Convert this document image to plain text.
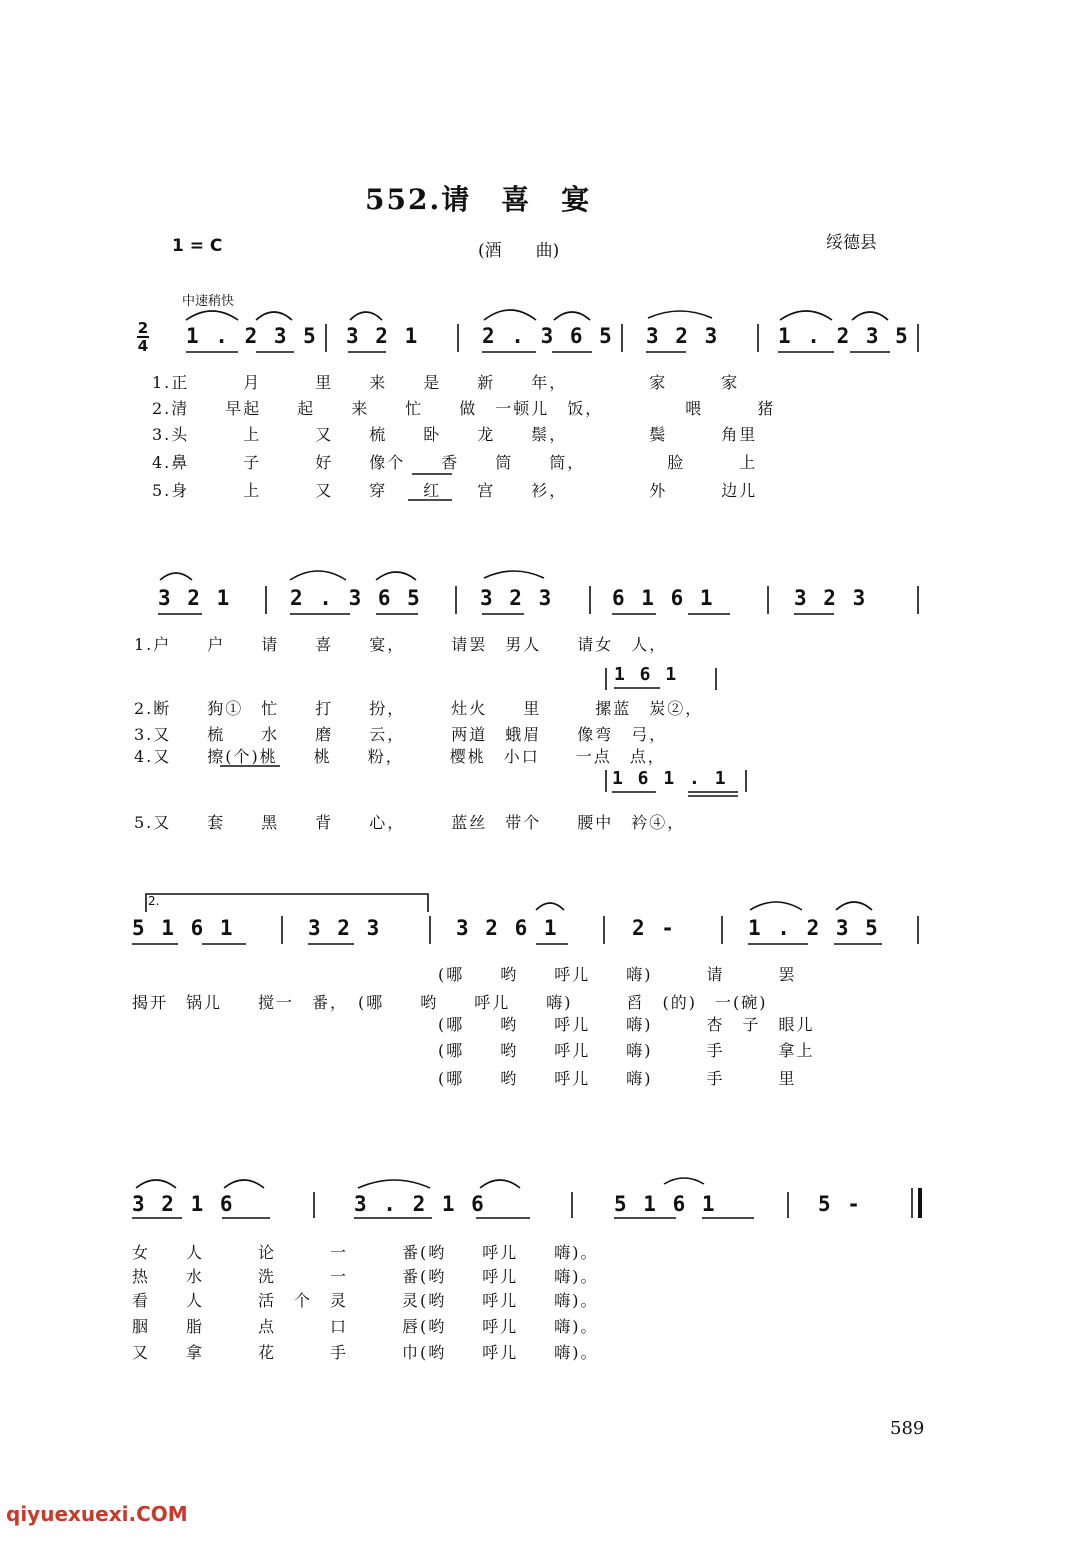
552.请　喜　宴
1 = C	(酒　　曲)	绥德县
中速稍快
2
4 1 . 2 3 5 3 2 1	2 . 3 6 5 3 2 3	1 . 2 3 5
1.正　　　月　　　里　　来　　是　　新　　年，　　　　　家　　　家
2.清　　早起　　起　　来　　忙　　做　一顿儿　饭，　　　　　喂　　　猪
3.头　　　上　　　又　　梳　　卧　　龙　　鬃，　　　　　鬓　　　角里
4.鼻　　　子　　　好　　像个　　香　　筒　　筒，　　　　　脸　　　上
5.身　　　上　　　又　　穿　　红　　宫　　衫，　　　　　外　　　边儿
3 2 1	2 . 3 6 5	3 2 3	6 1 6 1	3 2 3
1.户　　户　　请　　喜　　宴，　　　请罢　男人　　请女　人，
1 6 1
2.断　　狗①　忙　　打　　扮，　　　灶火　　里　　　摞蓝　炭②，
3.又　　梳　　水　　磨　　云，　　　两道　蛾眉　　像弯　弓，
4.又　　擦(个)桃　　桃　　粉，　　　樱桃　小口　　一点　点，
1 6 1 . 1
5.又　　套　　黑　　背　　心，　　　蓝丝　带个　　腰中　衿④，
2.
5 1 6 1	3 2 3	3 2 6 1	2 -	1 . 2 3 5
(哪　　哟　　呼儿　　嗨)　　　请　　　罢
揭开　锅儿　　搅一　番，　(哪　　哟　　呼儿　　嗨)　　　舀　(的)　一(碗)
(哪　　哟　　呼儿　　嗨)　　　杏　子　眼儿
(哪　　哟　　呼儿　　嗨)　　　手　　　拿上
(哪　　哟　　呼儿　　嗨)　　　手　　　里
3 2 1 6	3 . 2 1 6	5 1 6 1	5 -
女　　人　　　论　　　一　　　番(哟　　呼儿　　嗨)。
热　　水　　　洗　　　一　　　番(哟　　呼儿　　嗨)。
看　　人　　　活　个　灵　　　灵(哟　　呼儿　　嗨)。
胭　　脂　　　点　　　口　　　唇(哟　　呼儿　　嗨)。
又　　拿　　　花　　　手　　　巾(哟　　呼儿　　嗨)。
589
qiyuexuexi.COM
